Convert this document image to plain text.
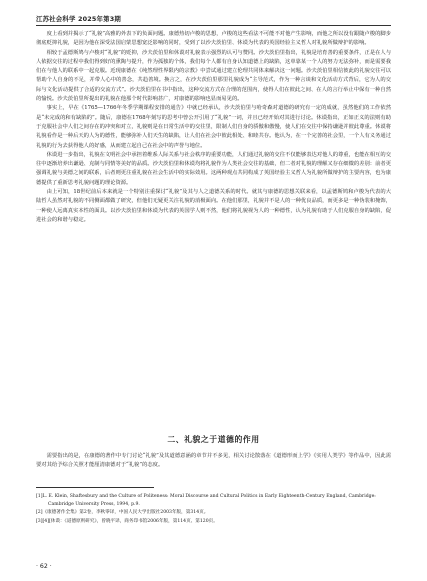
江苏社会科学 2025年第3期

度上看到并揭示了“礼貌”高雅的外表下的负面问题。康德热切卢梭的思想，卢梭的这些看法不可能不对他产生影响，而他之所以没有跟随卢梭的脚步彻底贬抑礼貌，是因为他在深受法国启蒙思想宽泛影响的同时，受到了以沙夫茨伯里、休谟为代表的英国经验主义哲人对礼貌所做辩护的影响。

相较于孟德斯鸠与卢梭对“礼貌”的贬抑，沙夫茨伯里和休谟对礼貌表示强烈的认可与赞同。沙夫茨伯里指出，礼貌是培育善的重要条件，正是在人与人依据交往的过程中我们得到好的熏陶与提升，作为孤独的个体，我们每个人都有自身认知道德上的缺陷，这单靠某一个人的努力无法弥补，而是需要我们在与他人的联系中一起克服。近现康德在《纯然理性界限内的宗教》中尝试通过建立伦理共同体来解决这一问题。沙夫茨伯里相信彼此的礼貌交往可以帮助个人自身的不足，并带人心中的善念，共趋善境。换言之，在沙夫茨伯里那里礼貌成为“主导范式，作为一种言谈和文化活动方式背后，它为人的交际与文化活动提供了合适的交流方式”。沙夫茨伯里在书中指出，这种交流方式在合理的范围内，使得人们在彼此之间、在人的言行举止中保有一种自然的愉悦。沙夫茨伯里所提出的礼貌在他那个时代影响甚广，对康德的影响也显而易见的。

事实上，早在《1765—1766年冬季学期课程安排的通告》中就已经承认，沙夫茨伯里与哈奇森对道德的研究有一定的成就，虽然他们的工作依然是“未完成的和有缺陷的”。随后，康德在1768年刻写的思考中曾公开引用了“礼貌”一词，并且已经开始对其进行讨论。休谟指出，正如正义的法则有助于克服社会中人们之间存在的冲突和对立，礼貌则是在日常生活中的交往里，限制人们自身的骄傲和傲慢，使人们在交往中保持谦逊并彼此尊重。休谟将礼貌看作是一种后天的人为的德性，能够弥补人们天生的缺陷，让人们在社会中彼此相处、和睦共存。他认为，在一个完善的社会里，一个人有义务通过礼貌的行为去获得他人的好感，从而建立起自己在社会中的声誉与地位。

休谟进一步指出，礼貌在文明社会中承担着维系人际关系与社会秩序的重要功能，人们通过礼貌的交往不仅能够表达对他人的尊重，也能在相互的交往中逐渐培养出谦逊、克制与同情等美好的品质。沙夫茨伯里和休谟均将礼貌作为人类社会交往的基础，但二者对礼貌的理解又存在细微的差别：前者更强调礼貌与美德之间的联系，后者则更注重礼貌在社会生活中的实际效用。这两种观点共同构成了英国经验主义哲人为礼貌所做辩护的主要内容，也为康德提供了重新思考礼貌问题的理论资源。

由上可知，18世纪前后本来就是一个特别注重探讨“礼貌”及其与人之道德关系的时代。就其与康德的思想关联来看，以孟德斯鸠和卢梭为代表的大陆哲人虽然对礼貌的不同侧面都做了研究，但他们无疑更关注礼貌的消极面向。在他们那里，礼貌并不是人的一种优良品质，而更多是一种伪装和掩饰，一种使人远离真实本性的面具。以沙夫茨伯里和休谟为代表的英国学人则不然，他们将礼貌视为人的一种德性，认为礼貌有助于人们克服自身的缺陷，促进社会的和谐与稳定。

二、礼貌之于道德的作用

需要指出的是，在康德的著作中专门讨论“礼貌”及其道德意涵的章节并不多见，相关讨论散落在《道德形而上学》《实用人类学》等作品中，因此需要对其给予综合关照才能厘清康德对于“礼貌”的态度。

[1]L. E. Klein, Shaftesbury and the Culture of Politeness: Moral Discourse and Cultural Politics in Early Eighteenth-Century England, Cambridge: Cambridge University Press, 1994, p.9.
[2]《康德著作全集》第2卷，李秋零译，中国人民大学出版社2003年版，第314页。
[3][4][休谟：《道德原则研究》，曾晓平译，商务印书馆2006年版，第114页、第120页。
· 62 ·
